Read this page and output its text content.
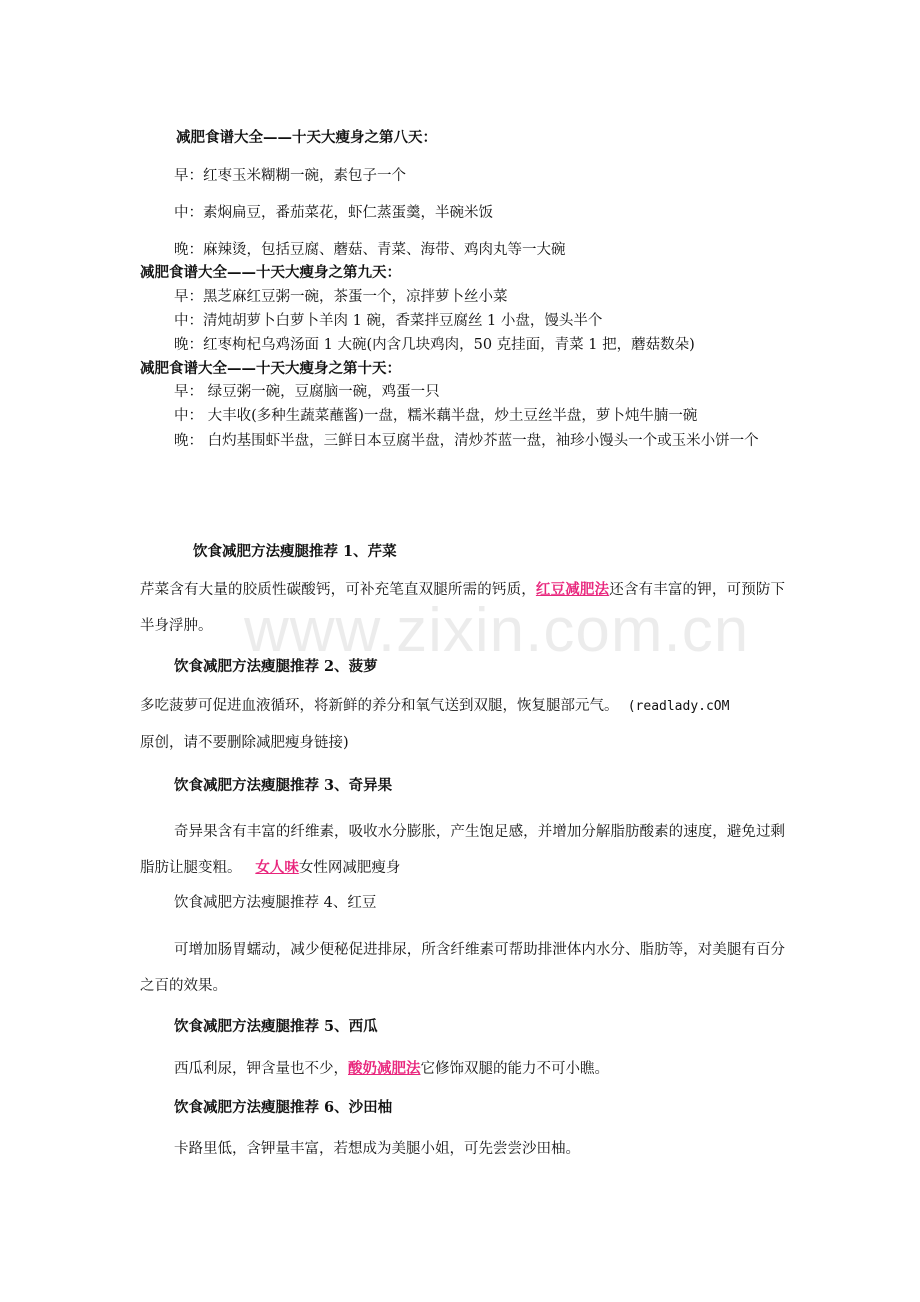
www.zixin.com.cn
减肥食谱大全——十天大瘦身之第八天：
早：红枣玉米糊糊一碗，素包子一个
中：素焖扁豆，番茄菜花，虾仁蒸蛋羹，半碗米饭
晚：麻辣烫，包括豆腐、蘑菇、青菜、海带、鸡肉丸等一大碗
减肥食谱大全——十天大瘦身之第九天：
早：黑芝麻红豆粥一碗，茶蛋一个，凉拌萝卜丝小菜
中：清炖胡萝卜白萝卜羊肉 1 碗，香菜拌豆腐丝 1 小盘，馒头半个
晚：红枣枸杞乌鸡汤面 1 大碗(内含几块鸡肉，50 克挂面，青菜 1 把，蘑菇数朵)
减肥食谱大全——十天大瘦身之第十天：
早： 绿豆粥一碗，豆腐脑一碗，鸡蛋一只
中： 大丰收(多种生蔬菜蘸酱)一盘，糯米藕半盘，炒土豆丝半盘，萝卜炖牛腩一碗
晚： 白灼基围虾半盘，三鲜日本豆腐半盘，清炒芥蓝一盘，袖珍小馒头一个或玉米小饼一个
饮食减肥方法瘦腿推荐 1、芹菜
芹菜含有大量的胶质性碳酸钙，可补充笔直双腿所需的钙质，红豆减肥法还含有丰富的钾，可预防下半身浮肿。
饮食减肥方法瘦腿推荐 2、菠萝
多吃菠萝可促进血液循环，将新鲜的养分和氧气送到双腿，恢复腿部元气。 (readlady.cOM
原创，请不要删除减肥瘦身链接)
饮食减肥方法瘦腿推荐 3、奇异果
奇异果含有丰富的纤维素，吸收水分膨胀，产生饱足感，并增加分解脂肪酸素的速度，避免过剩脂肪让腿变粗。 女人味女性网减肥瘦身
饮食减肥方法瘦腿推荐 4、红豆
可增加肠胃蠕动，减少便秘促进排尿，所含纤维素可帮助排泄体内水分、脂肪等，对美腿有百分之百的效果。
饮食减肥方法瘦腿推荐 5、西瓜
西瓜利尿，钾含量也不少，酸奶减肥法它修饰双腿的能力不可小瞧。
饮食减肥方法瘦腿推荐 6、沙田柚
卡路里低，含钾量丰富，若想成为美腿小姐，可先尝尝沙田柚。
